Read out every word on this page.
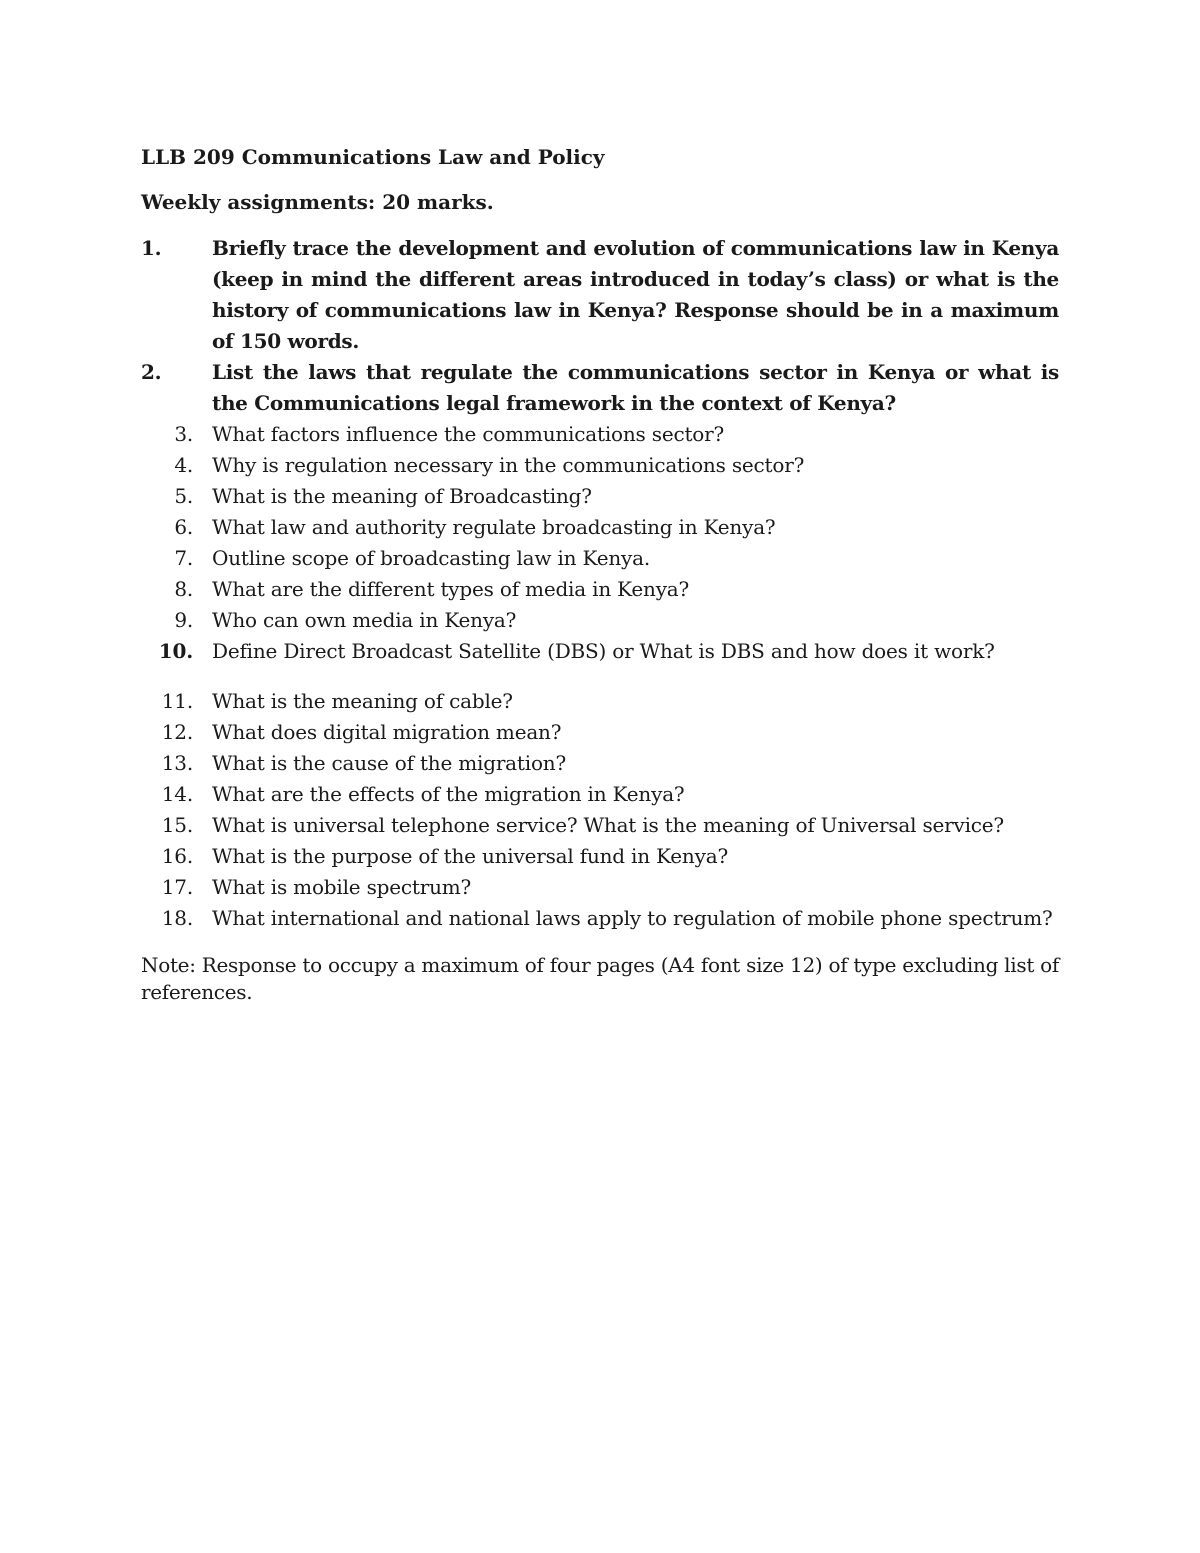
LLB 209 Communications Law and Policy
Weekly assignments: 20 marks.
1.	Briefly trace the development and evolution of communications law in Kenya (keep in mind the different areas introduced in today’s class) or what is the history of communications law in Kenya? Response should be in a maximum of 150 words.
2.	List the laws that regulate the communications sector in Kenya or what is the Communications legal framework in the context of Kenya?
3. What factors influence the communications sector?
4. Why is regulation necessary in the communications sector?
5. What is the meaning of Broadcasting?
6. What law and authority regulate broadcasting in Kenya?
7. Outline scope of broadcasting law in Kenya.
8. What are the different types of media in Kenya?
9. Who can own media in Kenya?
10. Define Direct Broadcast Satellite (DBS) or What is DBS and how does it work?
11. What is the meaning of cable?
12. What does digital migration mean?
13. What is the cause of the migration?
14. What are the effects of the migration in Kenya?
15. What is universal telephone service? What is the meaning of Universal service?
16. What is the purpose of the universal fund in Kenya?
17. What is mobile spectrum?
18. What international and national laws apply to regulation of mobile phone spectrum?
Note: Response to occupy a maximum of four pages (A4 font size 12) of type excluding list of references.
